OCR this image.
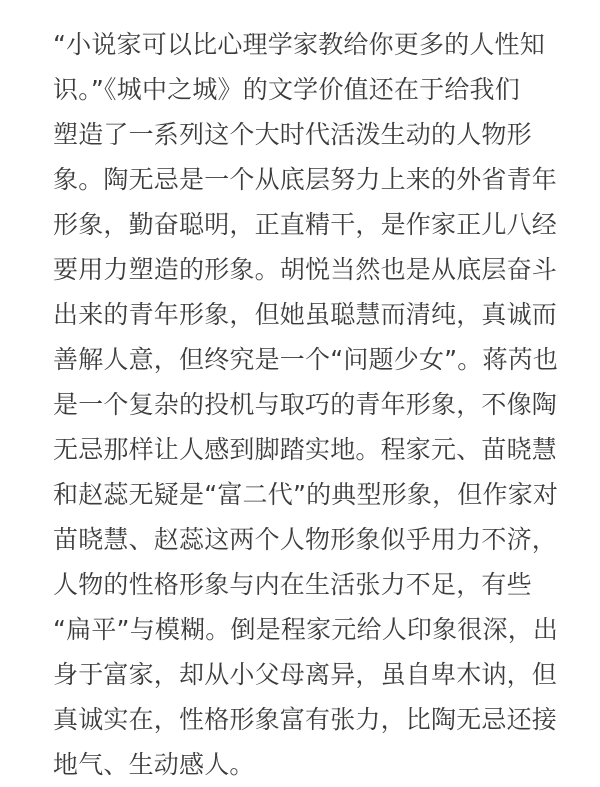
“小说家可以比心理学家教给你更多的人性知
识。”《城中之城》的文学价值还在于给我们
塑造了一系列这个大时代活泼生动的人物形
象。陶无忌是一个从底层努力上来的外省青年
形象，勤奋聪明，正直精干，是作家正儿八经
要用力塑造的形象。胡悦当然也是从底层奋斗
出来的青年形象，但她虽聪慧而清纯，真诚而
善解人意，但终究是一个“问题少女”。蒋芮也
是一个复杂的投机与取巧的青年形象，不像陶
无忌那样让人感到脚踏实地。程家元、苗晓慧
和赵蕊无疑是“富二代”的典型形象，但作家对
苗晓慧、赵蕊这两个人物形象似乎用力不济，
人物的性格形象与内在生活张力不足，有些
“扁平”与模糊。倒是程家元给人印象很深，出
身于富家，却从小父母离异，虽自卑木讷，但
真诚实在，性格形象富有张力，比陶无忌还接
地气、生动感人。
